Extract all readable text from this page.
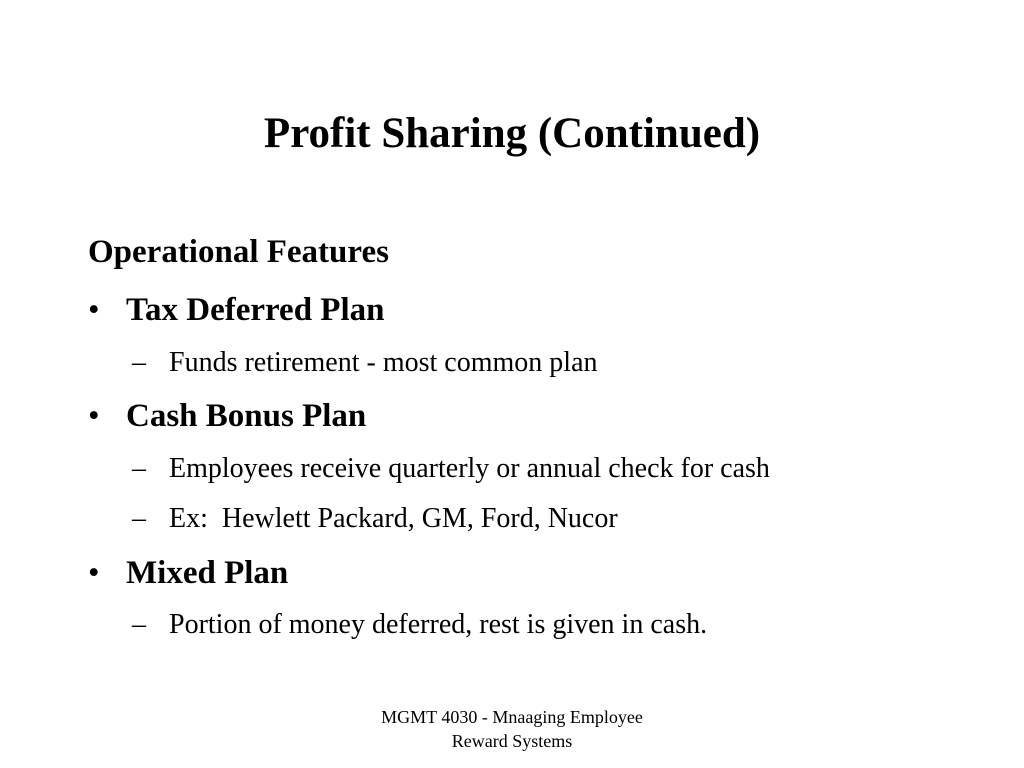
Profit Sharing (Continued)
Operational Features
• Tax Deferred Plan
– Funds retirement - most common plan
• Cash Bonus Plan
– Employees receive quarterly or annual check for cash
– Ex:  Hewlett Packard, GM, Ford, Nucor
• Mixed Plan
– Portion of money deferred, rest is given in cash.
MGMT 4030 - Mnaaging Employee
Reward Systems
